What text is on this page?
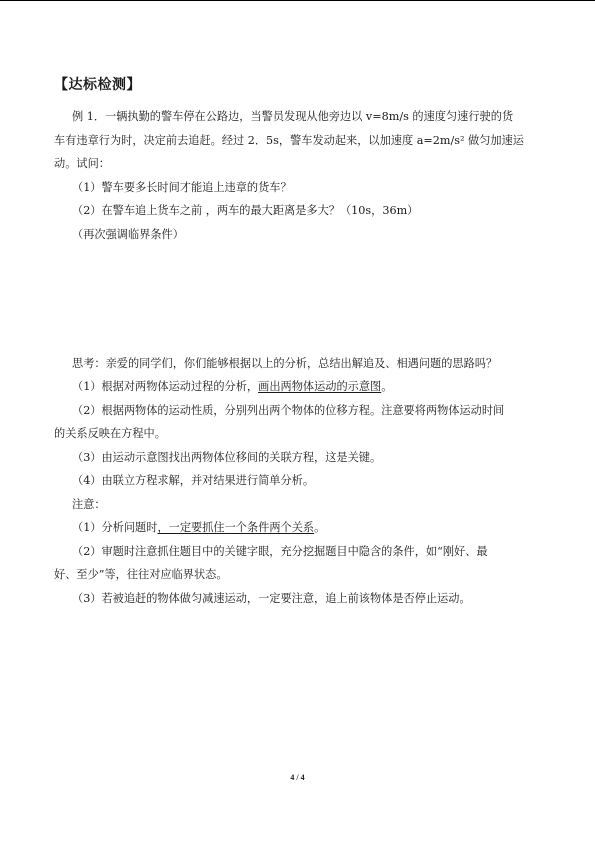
【达标检测】
例 1．一辆执勤的警车停在公路边，当警员发现从他旁边以 v=8m/s 的速度匀速行驶的货
车有违章行为时，决定前去追赶。经过 2．5s，警车发动起来，以加速度 a=2m/s² 做匀加速运
动。试问：
（1）警车要多长时间才能追上违章的货车？
（2）在警车追上货车之前 ，两车的最大距离是多大？（10s，36m）
（再次强调临界条件）
思考：亲爱的同学们，你们能够根据以上的分析，总结出解追及、相遇问题的思路吗？
（1）根据对两物体运动过程的分析，画出两物体运动的示意图。
（2）根据两物体的运动性质，分别列出两个物体的位移方程。注意要将两物体运动时间
的关系反映在方程中。
（3）由运动示意图找出两物体位移间的关联方程，这是关键。
（4）由联立方程求解，并对结果进行简单分析。
注意：
（1）分析问题时，一定要抓住一个条件两个关系。
（2）审题时注意抓住题目中的关键字眼，充分挖掘题目中隐含的条件，如“刚好、最
好、至少”等，往往对应临界状态。
（3）若被追赶的物体做匀减速运动，一定要注意，追上前该物体是否停止运动。
4 / 4
